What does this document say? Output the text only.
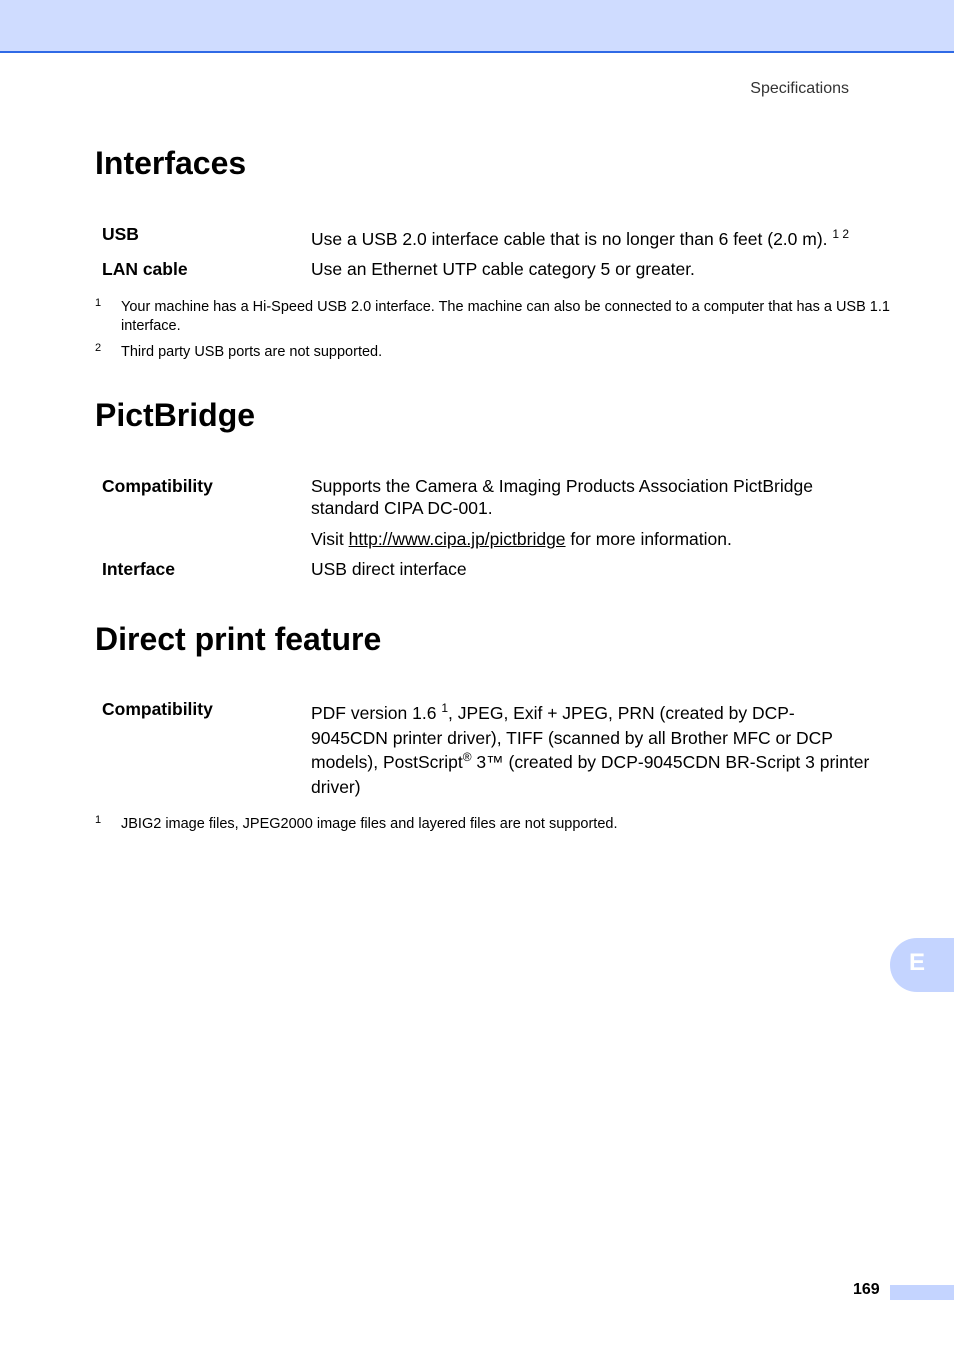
Specifications
Interfaces
USB	Use a USB 2.0 interface cable that is no longer than 6 feet (2.0 m). $^{1 2}$
LAN cable	Use an Ethernet UTP cable category 5 or greater.
1 Your machine has a Hi-Speed USB 2.0 interface. The machine can also be connected to a computer that has a USB 1.1 interface.
2 Third party USB ports are not supported.
PictBridge
Compatibility	Supports the Camera & Imaging Products Association PictBridge standard CIPA DC-001.
Visit http://www.cipa.jp/pictbridge for more information.
Interface	USB direct interface
Direct print feature
Compatibility	PDF version 1.6 $^1$, JPEG, Exif + JPEG, PRN (created by DCP-9045CDN printer driver), TIFF (scanned by all Brother MFC or DCP models), PostScript® 3™ (created by DCP-9045CDN BR-Script 3 printer driver)
1 JBIG2 image files, JPEG2000 image files and layered files are not supported.
E
169
